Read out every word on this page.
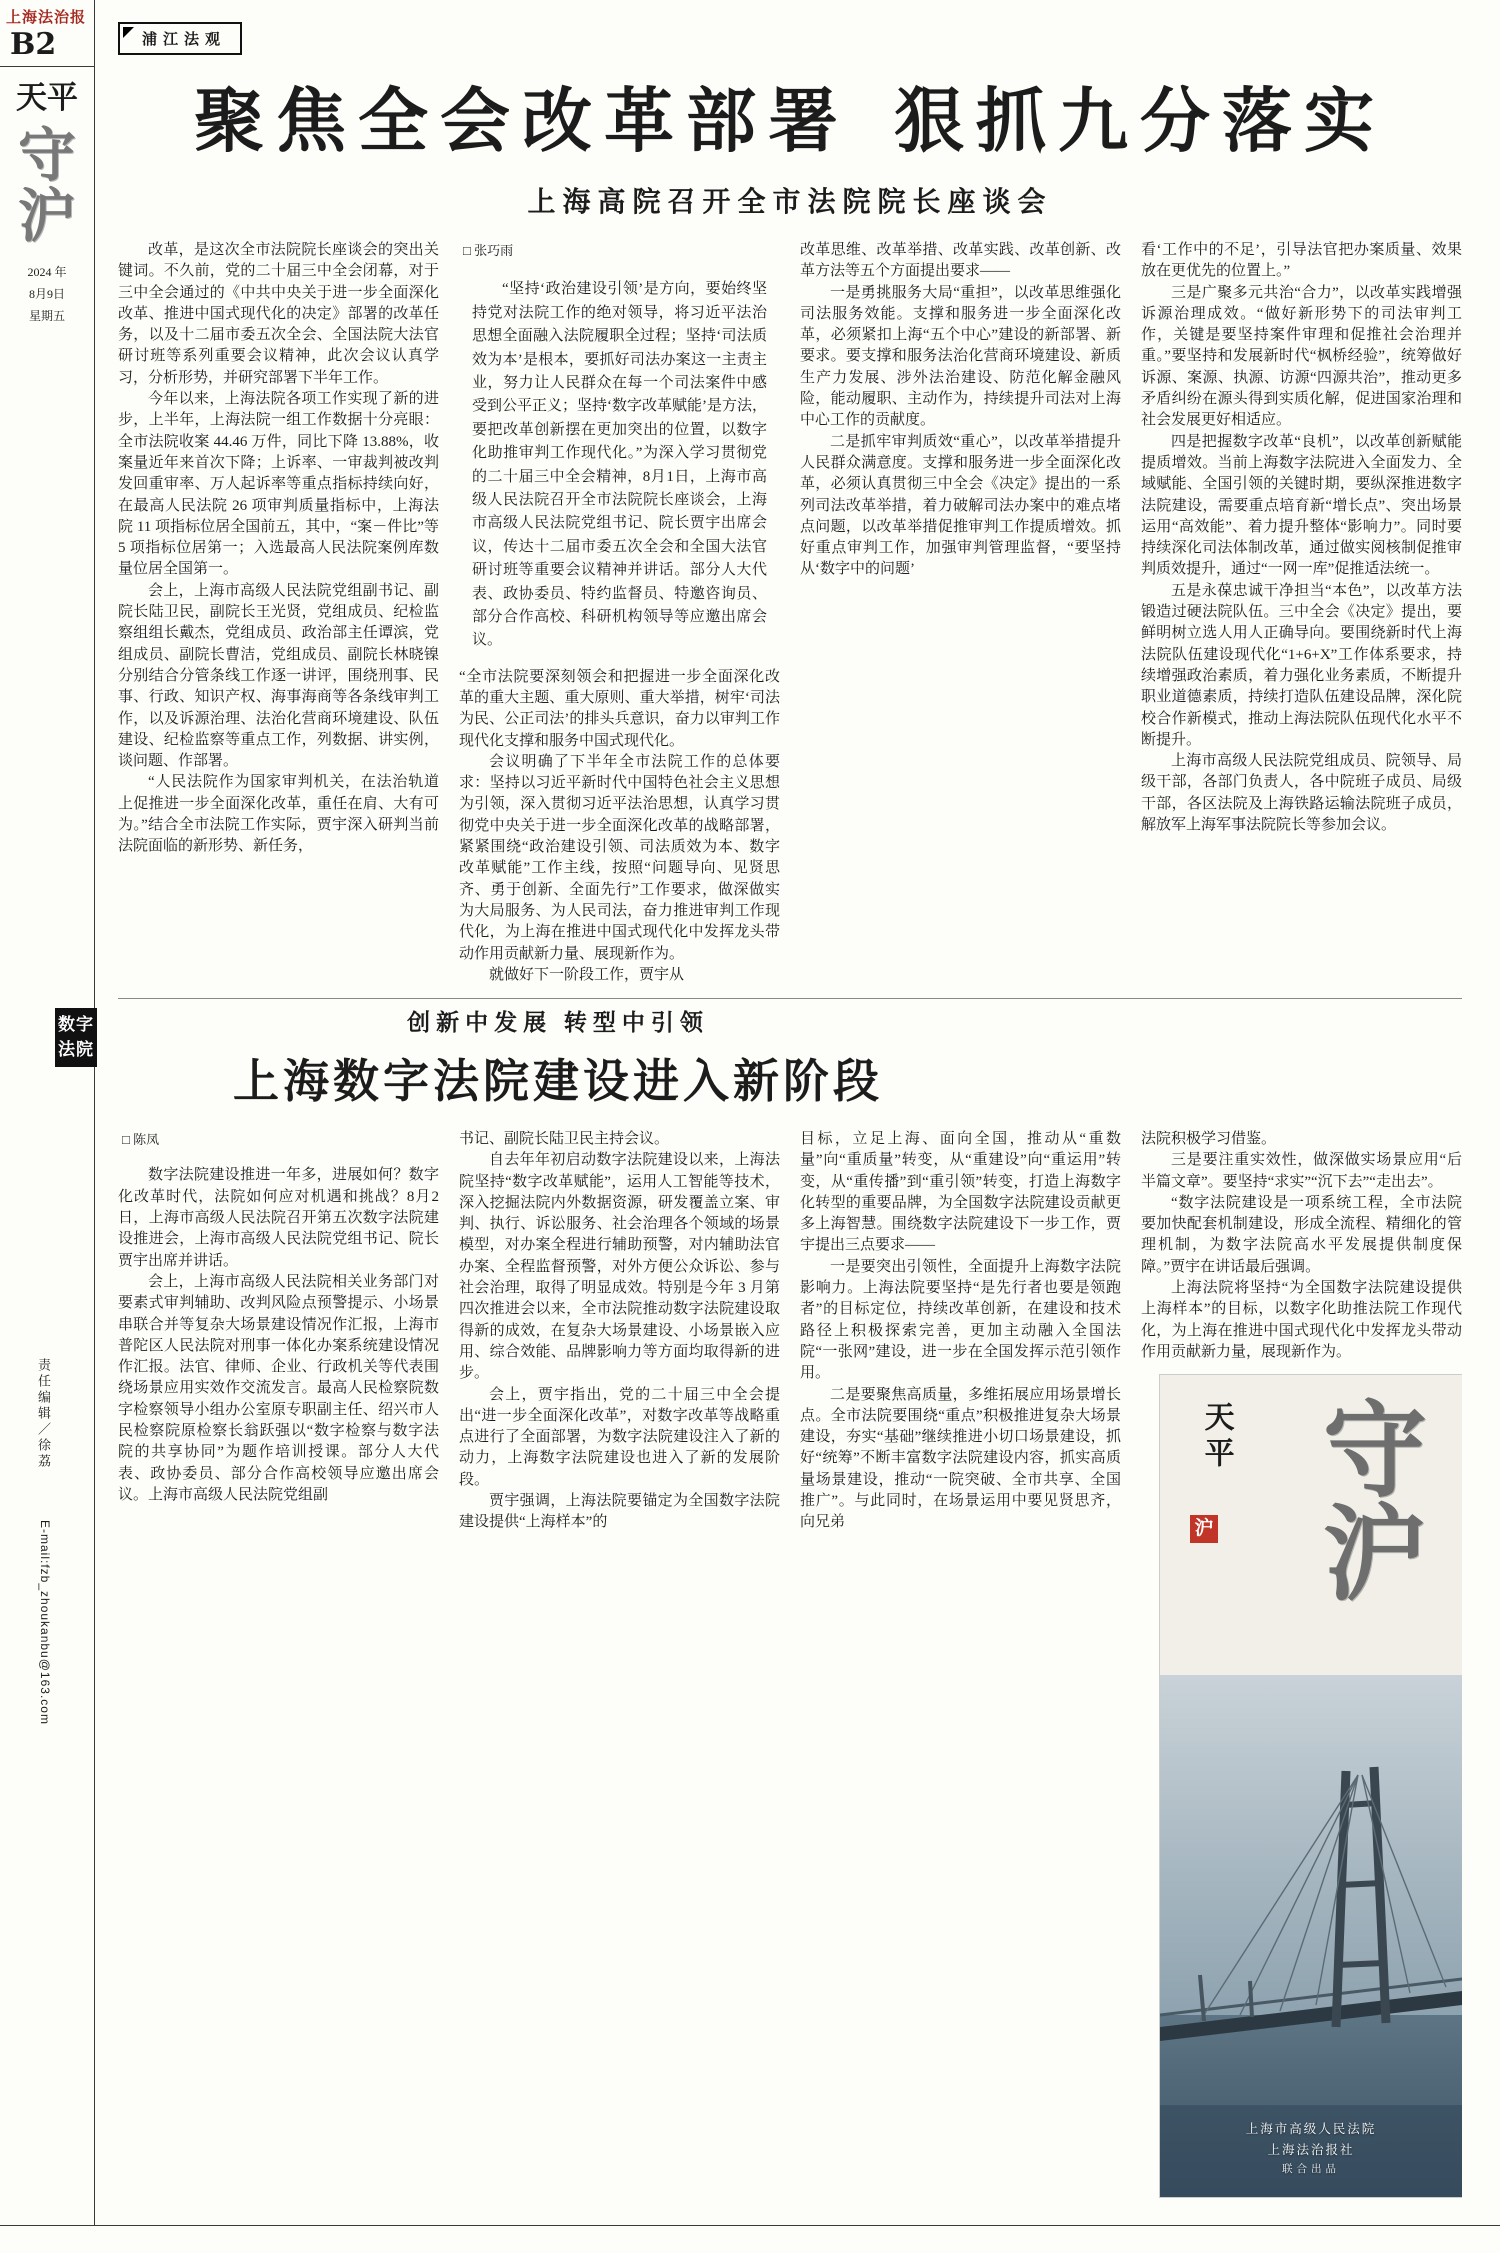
上海法治报
B2
天平
守沪
2024 年
8月9日
星期五
责任编辑／徐荔
E-mail:fzb_zhoukanbu@163.com
浦江法观
聚焦全会改革部署 狠抓九分落实
上海高院召开全市法院院长座谈会

改革，是这次全市法院院长座谈会的突出关键词。不久前，党的二十届三中全会闭幕，对于三中全会通过的《中共中央关于进一步全面深化改革、推进中国式现代化的决定》部署的改革任务，以及十二届市委五次全会、全国法院大法官研讨班等系列重要会议精神，此次会议认真学习，分析形势，并研究部署下半年工作。

今年以来，上海法院各项工作实现了新的进步，上半年，上海法院一组工作数据十分亮眼：全市法院收案 44.46 万件，同比下降 13.88%，收案量近年来首次下降；上诉率、一审裁判被改判发回重审率、万人起诉率等重点指标持续向好，在最高人民法院 26 项审判质量指标中，上海法院 11 项指标位居全国前五，其中，“案－件比”等 5 项指标位居第一；入选最高人民法院案例库数量位居全国第一。

会上，上海市高级人民法院党组副书记、副院长陆卫民，副院长王光贤，党组成员、纪检监察组组长戴杰，党组成员、政治部主任谭滨，党组成员、副院长曹洁，党组成员、副院长林晓镍分别结合分管条线工作逐一讲评，围绕刑事、民事、行政、知识产权、海事海商等各条线审判工作，以及诉源治理、法治化营商环境建设、队伍建设、纪检监察等重点工作，列数据、讲实例，谈问题、作部署。

“人民法院作为国家审判机关，在法治轨道上促推进一步全面深化改革，重任在肩、大有可为。”结合全市法院工作实际，贾宇深入研判当前法院面临的新形势、新任务，

□ 张巧雨
“坚持‘政治建设引领’是方向，要始终坚持党对法院工作的绝对领导，将习近平法治思想全面融入法院履职全过程；坚持‘司法质效为本’是根本，要抓好司法办案这一主责主业，努力让人民群众在每一个司法案件中感受到公平正义；坚持‘数字改革赋能’是方法，要把改革创新摆在更加突出的位置，以数字化助推审判工作现代化。”为深入学习贯彻党的二十届三中全会精神，8月1日，上海市高级人民法院召开全市法院院长座谈会，上海市高级人民法院党组书记、院长贾宇出席会议，传达十二届市委五次全会和全国大法官研讨班等重要会议精神并讲话。部分人大代表、政协委员、特约监督员、特邀咨询员、部分合作高校、科研机构领导等应邀出席会议。

“全市法院要深刻领会和把握进一步全面深化改革的重大主题、重大原则、重大举措，树牢‘司法为民、公正司法’的排头兵意识，奋力以审判工作现代化支撑和服务中国式现代化。

会议明确了下半年全市法院工作的总体要求：坚持以习近平新时代中国特色社会主义思想为引领，深入贯彻习近平法治思想，认真学习贯彻党中央关于进一步全面深化改革的战略部署，紧紧围绕“政治建设引领、司法质效为本、数字改革赋能”工作主线，按照“问题导向、见贤思齐、勇于创新、全面先行”工作要求，做深做实为大局服务、为人民司法，奋力推进审判工作现代化，为上海在推进中国式现代化中发挥龙头带动作用贡献新力量、展现新作为。

就做好下一阶段工作，贾宇从

改革思维、改革举措、改革实践、改革创新、改革方法等五个方面提出要求——

一是勇挑服务大局“重担”，以改革思维强化司法服务效能。支撑和服务进一步全面深化改革，必须紧扣上海“五个中心”建设的新部署、新要求。要支撑和服务法治化营商环境建设、新质生产力发展、涉外法治建设、防范化解金融风险，能动履职、主动作为，持续提升司法对上海中心工作的贡献度。

二是抓牢审判质效“重心”，以改革举措提升人民群众满意度。支撑和服务进一步全面深化改革，必须认真贯彻三中全会《决定》提出的一系列司法改革举措，着力破解司法办案中的难点堵点问题，以改革举措促推审判工作提质增效。抓好重点审判工作，加强审判管理监督，“要坚持从‘数字中的问题’

看‘工作中的不足’，引导法官把办案质量、效果放在更优先的位置上。”

三是广聚多元共治“合力”，以改革实践增强诉源治理成效。“做好新形势下的司法审判工作，关键是要坚持案件审理和促推社会治理并重。”要坚持和发展新时代“枫桥经验”，统筹做好诉源、案源、执源、访源“四源共治”，推动更多矛盾纠纷在源头得到实质化解，促进国家治理和社会发展更好相适应。

四是把握数字改革“良机”，以改革创新赋能提质增效。当前上海数字法院进入全面发力、全域赋能、全国引领的关键时期，要纵深推进数字法院建设，需要重点培育新“增长点”、突出场景运用“高效能”、着力提升整体“影响力”。同时要持续深化司法体制改革，通过做实阅核制促推审判质效提升，通过“一网一库”促推适法统一。

五是永葆忠诚干净担当“本色”，以改革方法锻造过硬法院队伍。三中全会《决定》提出，要鲜明树立选人用人正确导向。要围绕新时代上海法院队伍建设现代化“1+6+X”工作体系要求，持续增强政治素质，着力强化业务素质，不断提升职业道德素质，持续打造队伍建设品牌，深化院校合作新模式，推动上海法院队伍现代化水平不断提升。

上海市高级人民法院党组成员、院领导、局级干部，各部门负责人，各中院班子成员、局级干部，各区法院及上海铁路运输法院班子成员，解放军上海军事法院院长等参加会议。

数字
法院
创新中发展 转型中引领
上海数字法院建设进入新阶段
□ 陈凤

数字法院建设推进一年多，进展如何？数字化改革时代，法院如何应对机遇和挑战？8月2日，上海市高级人民法院召开第五次数字法院建设推进会，上海市高级人民法院党组书记、院长贾宇出席并讲话。

会上，上海市高级人民法院相关业务部门对要素式审判辅助、改判风险点预警提示、小场景串联合并等复杂大场景建设情况作汇报，上海市普陀区人民法院对刑事一体化办案系统建设情况作汇报。法官、律师、企业、行政机关等代表围绕场景应用实效作交流发言。最高人民检察院数字检察领导小组办公室原专职副主任、绍兴市人民检察院原检察长翁跃强以“数字检察与数字法院的共享协同”为题作培训授课。部分人大代表、政协委员、部分合作高校领导应邀出席会议。上海市高级人民法院党组副

书记、副院长陆卫民主持会议。

自去年年初启动数字法院建设以来，上海法院坚持“数字改革赋能”，运用人工智能等技术，深入挖掘法院内外数据资源，研发覆盖立案、审判、执行、诉讼服务、社会治理各个领域的场景模型，对办案全程进行辅助预警，对内辅助法官办案、全程监督预警，对外方便公众诉讼、参与社会治理，取得了明显成效。特别是今年 3 月第四次推进会以来，全市法院推动数字法院建设取得新的成效，在复杂大场景建设、小场景嵌入应用、综合效能、品牌影响力等方面均取得新的进步。

会上，贾宇指出，党的二十届三中全会提出“进一步全面深化改革”，对数字改革等战略重点进行了全面部署，为数字法院建设注入了新的动力，上海数字法院建设也进入了新的发展阶段。

贾宇强调，上海法院要锚定为全国数字法院建设提供“上海样本”的

目标，立足上海、面向全国，推动从“重数量”向“重质量”转变，从“重建设”向“重运用”转变，从“重传播”到“重引领”转变，打造上海数字化转型的重要品牌，为全国数字法院建设贡献更多上海智慧。围绕数字法院建设下一步工作，贾宇提出三点要求——

一是要突出引领性，全面提升上海数字法院影响力。上海法院要坚持“是先行者也要是领跑者”的目标定位，持续改革创新，在建设和技术路径上积极探索完善，更加主动融入全国法院“一张网”建设，进一步在全国发挥示范引领作用。

二是要聚焦高质量，多维拓展应用场景增长点。全市法院要围绕“重点”积极推进复杂大场景建设，夯实“基础”继续推进小切口场景建设，抓好“统筹”不断丰富数字法院建设内容，抓实高质量场景建设，推动“一院突破、全市共享、全国推广”。与此同时，在场景运用中要见贤思齐，向兄弟

法院积极学习借鉴。

三是要注重实效性，做深做实场景应用“后半篇文章”。要坚持“求实”“沉下去”“走出去”。

“数字法院建设是一项系统工程，全市法院要加快配套机制建设，形成全流程、精细化的管理机制，为数字法院高水平发展提供制度保障。”贾宇在讲话最后强调。

上海法院将坚持“为全国数字法院建设提供上海样本”的目标，以数字化助推法院工作现代化，为上海在推进中国式现代化中发挥龙头带动作用贡献新力量，展现新作为。

天平
沪 守沪
上海市高级人民法院
上海法治报社
联合出品
